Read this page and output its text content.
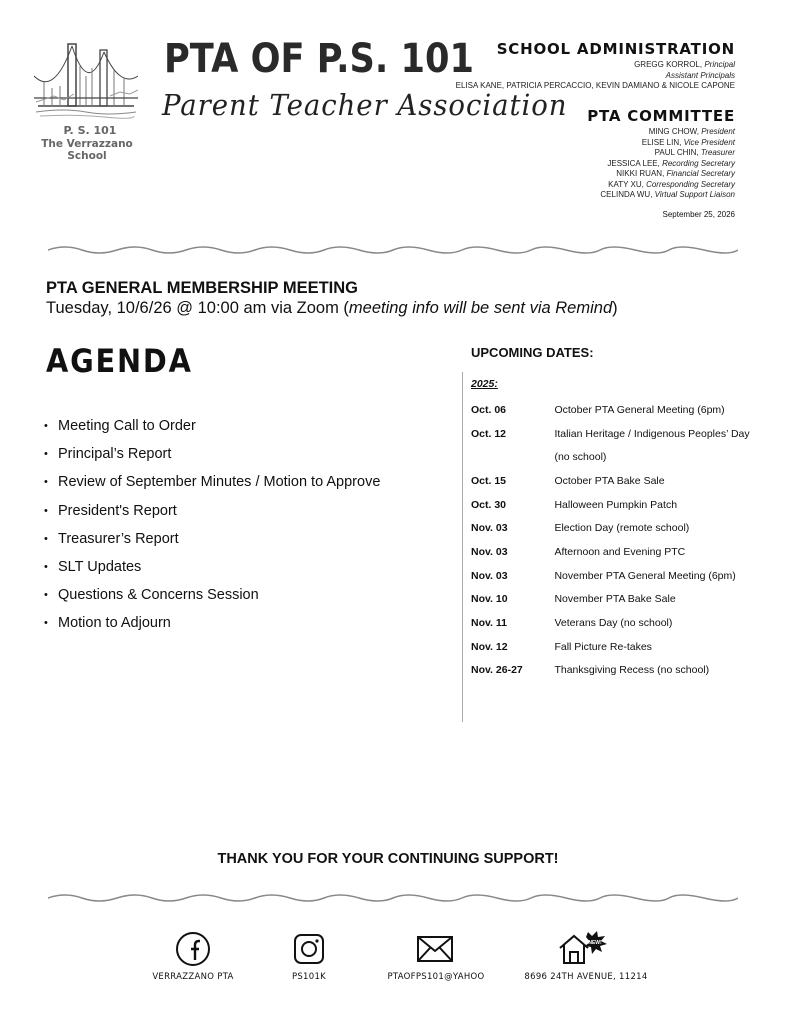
P. S. 101
The Verrazzano School
PTA OF P.S. 101
Parent Teacher Association
SCHOOL ADMINISTRATION
GREGG KORROL, Principal
Assistant Principals
ELISA KANE, PATRICIA PERCACCIO, KEVIN DAMIANO & NICOLE CAPONE
PTA COMMITTEE
MING CHOW, President
ELISE LIN, Vice President
PAUL CHIN, Treasurer
JESSICA LEE, Recording Secretary
NIKKI RUAN, Financial Secretary
KATY XU, Corresponding Secretary
CELINDA WU, Virtual Support Liaison
September 25, 2026
PTA GENERAL MEMBERSHIP MEETING
Tuesday, 10/6/26 @ 10:00 am via Zoom (meeting info will be sent via Remind)
AGENDA
• Meeting Call to Order
• Principal’s Report
• Review of September Minutes / Motion to Approve
• President's Report
• Treasurer’s Report
• SLT Updates
• Questions & Concerns Session
• Motion to Adjourn
UPCOMING DATES:
2025:
Oct. 06	October PTA General Meeting (6pm)
Oct. 12	Italian Heritage / Indigenous Peoples’ Day
	(no school)
Oct. 15	October PTA Bake Sale
Oct. 30	Halloween Pumpkin Patch
Nov. 03	Election Day (remote school)
Nov. 03	Afternoon and Evening PTC
Nov. 03	November PTA General Meeting (6pm)
Nov. 10	November PTA Bake Sale
Nov. 11	Veterans Day (no school)
Nov. 12	Fall Picture Re-takes
Nov. 26-27	Thanksgiving Recess (no school)
THANK YOU FOR YOUR CONTINUING SUPPORT!
VERRAZZANO PTA	PS101K	PTAOFPS101@YAHOO
NEW!
8696 24TH AVENUE, 11214
